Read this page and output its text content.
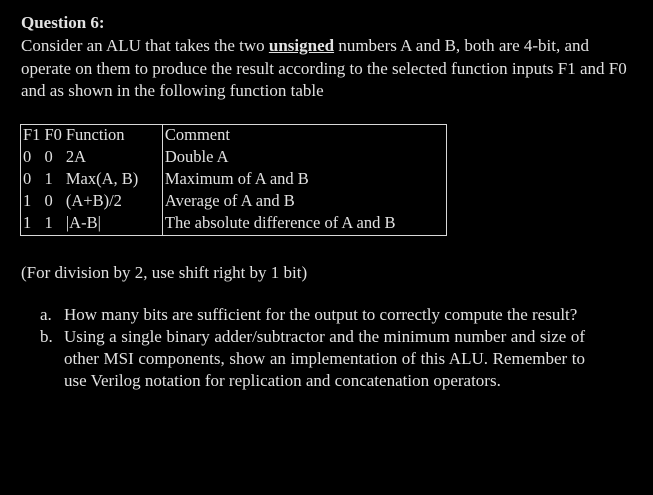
Question 6:
Consider an ALU that takes the two unsigned numbers A and B, both are 4-bit, and operate on them to produce the result according to the selected function inputs F1 and F0 and as shown in the following function table
F1	F0	Function	Comment
0	0	2A	Double A
0	1	Max(A, B)	Maximum of A and B
1	0	(A+B)/2	Average of A and B
1	1	|A-B|	The absolute difference of A and B
(For division by 2, use shift right by 1 bit)
a. How many bits are sufficient for the output to correctly compute the result?
b. Using a single binary adder/subtractor and the minimum number and size of other MSI components, show an implementation of this ALU. Remember to use Verilog notation for replication and concatenation operators.
